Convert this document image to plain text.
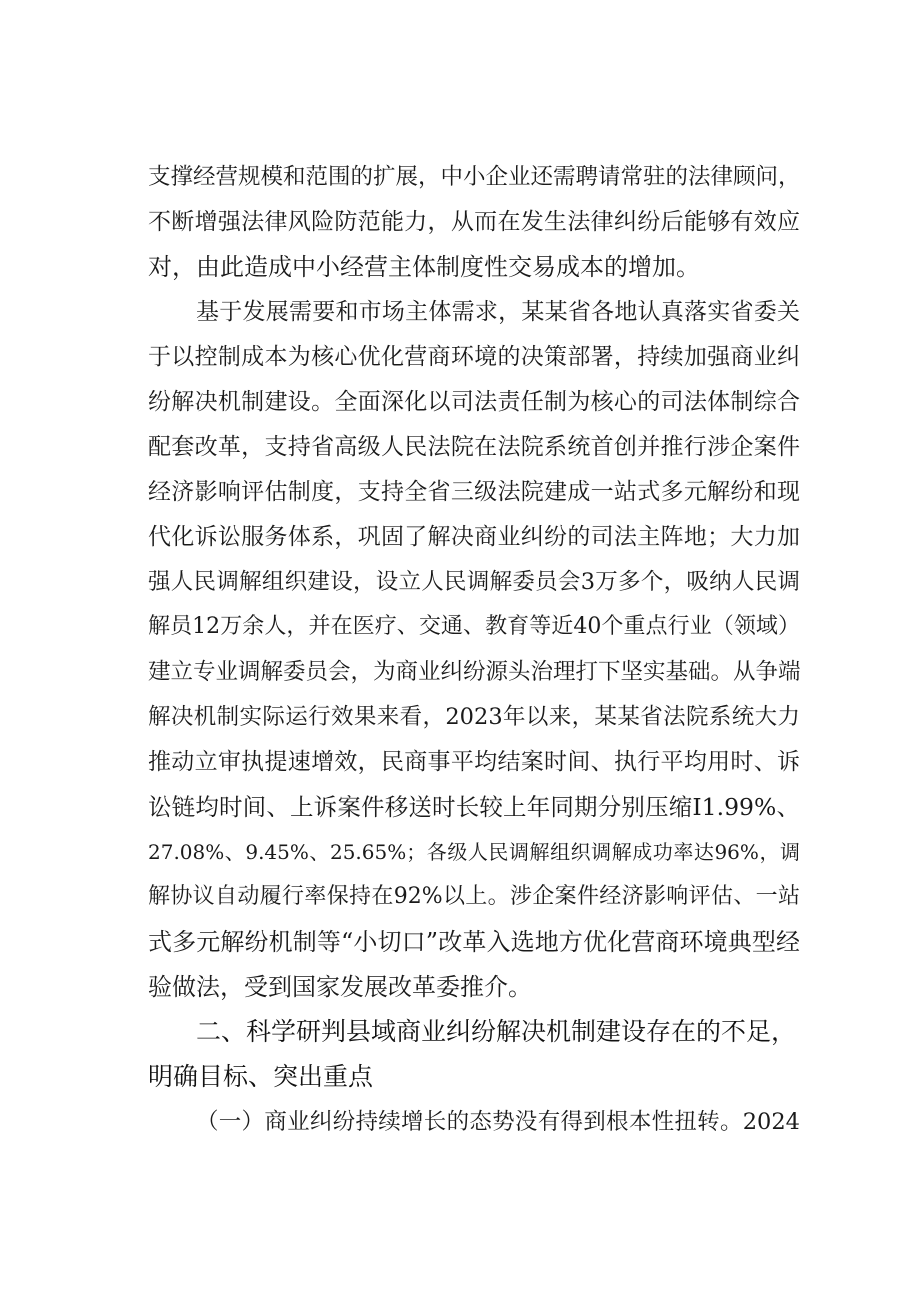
支撑经营规模和范围的扩展，中小企业还需聘请常驻的法律顾问，
不断增强法律风险防范能力，从而在发生法律纠纷后能够有效应
对，由此造成中小经营主体制度性交易成本的增加。
基于发展需要和市场主体需求，某某省各地认真落实省委关
于以控制成本为核心优化营商环境的决策部署，持续加强商业纠
纷解决机制建设。全面深化以司法责任制为核心的司法体制综合
配套改革，支持省高级人民法院在法院系统首创并推行涉企案件
经济影响评估制度，支持全省三级法院建成一站式多元解纷和现
代化诉讼服务体系，巩固了解决商业纠纷的司法主阵地；大力加
强人民调解组织建设，设立人民调解委员会3万多个，吸纳人民调
解员12万余人，并在医疗、交通、教育等近40个重点行业（领域）
建立专业调解委员会，为商业纠纷源头治理打下坚实基础。从争端
解决机制实际运行效果来看，2023年以来，某某省法院系统大力
推动立审执提速增效，民商事平均结案时间、执行平均用时、诉
讼链均时间、上诉案件移送时长较上年同期分别压缩I1.99%、
27.08%、9.45%、25.65%；各级人民调解组织调解成功率达96%，调
解协议自动履行率保持在92%以上。涉企案件经济影响评估、一站
式多元解纷机制等“小切口”改革入选地方优化营商环境典型经
验做法，受到国家发展改革委推介。
二、科学研判县域商业纠纷解决机制建设存在的不足，
明确目标、突出重点
（一）商业纠纷持续增长的态势没有得到根本性扭转。2024
